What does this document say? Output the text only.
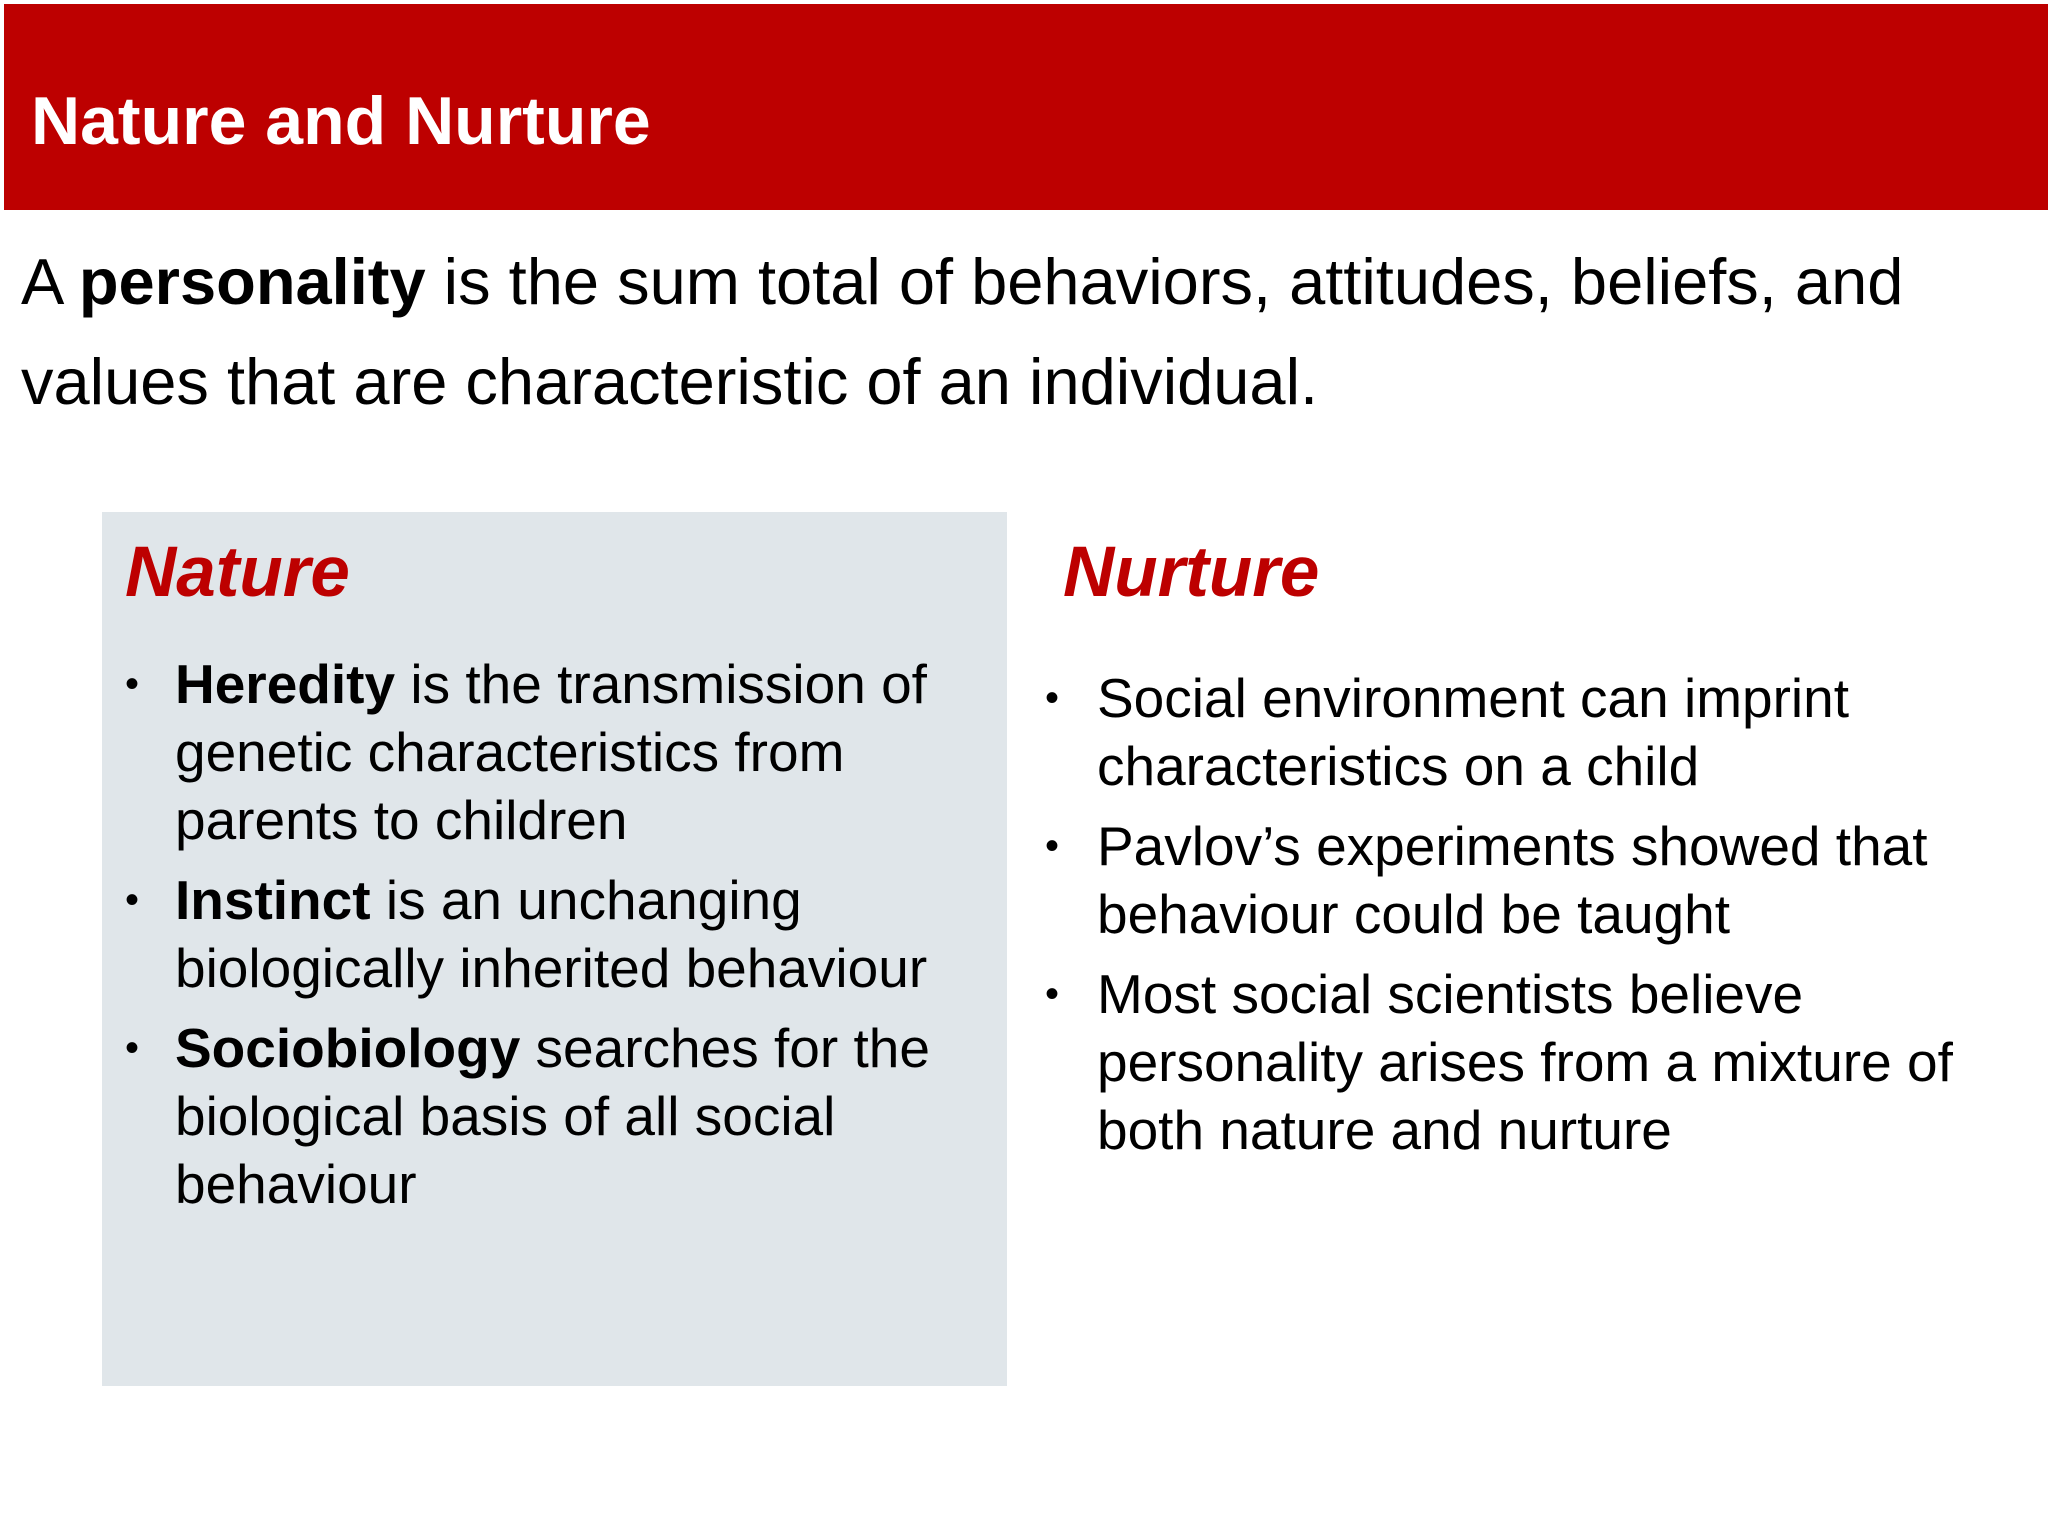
Nature and Nurture
A personality is the sum total of behaviors, attitudes, beliefs, and values that are characteristic of an individual.
Nature
• Heredity is the transmission of genetic characteristics from parents to children
• Instinct is an unchanging biologically inherited behaviour
• Sociobiology searches for the biological basis of all social behaviour
Nurture
• Social environment can imprint characteristics on a child
• Pavlov’s experiments showed that behaviour could be taught
• Most social scientists believe personality arises from a mixture of both nature and nurture
